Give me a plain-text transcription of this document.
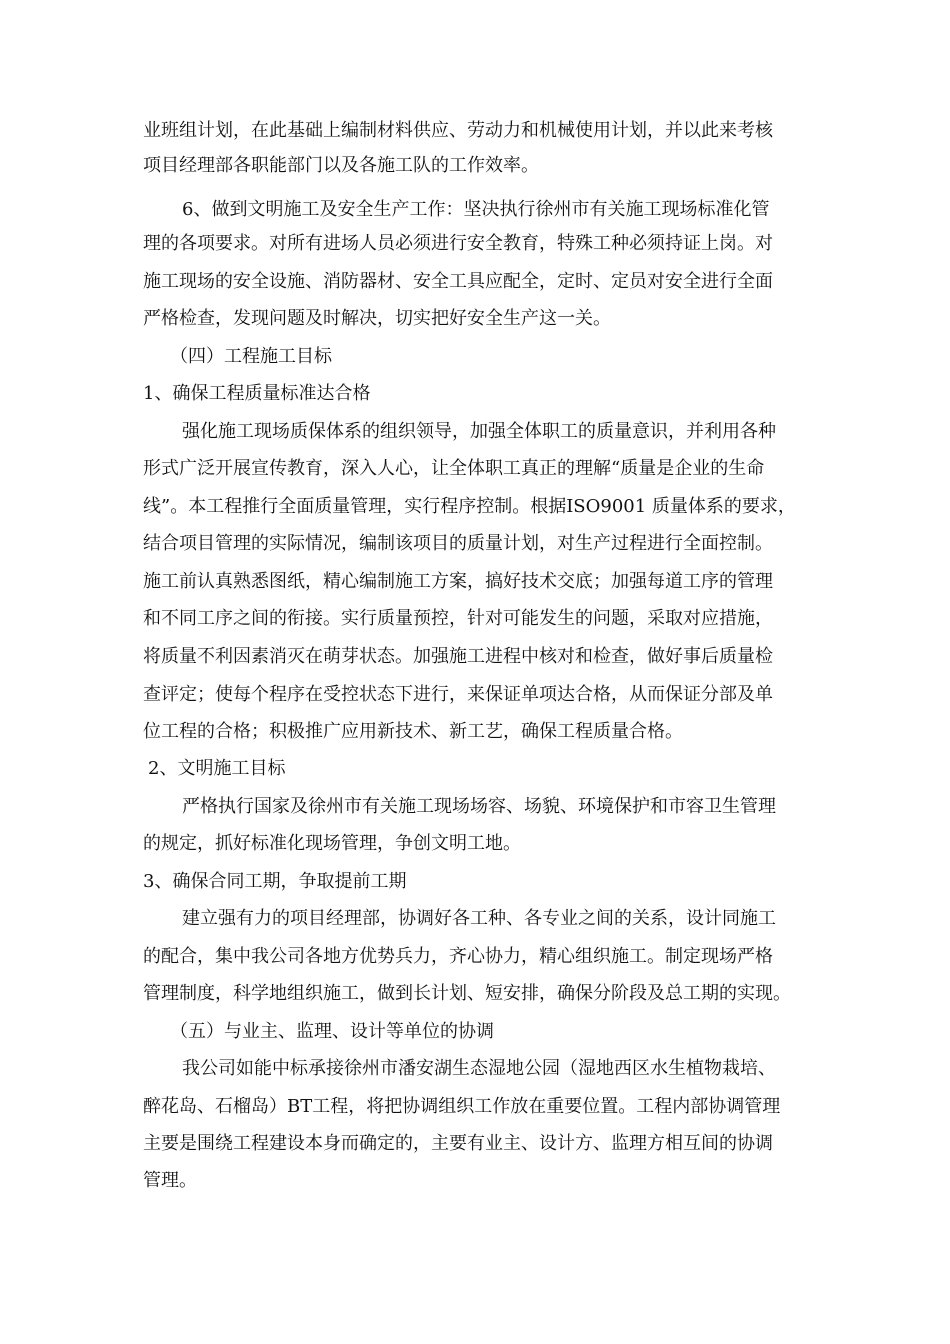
业班组计划，在此基础上编制材料供应、劳动力和机械使用计划，并以此来考核

项目经理部各职能部门以及各施工队的工作效率。

6、做到文明施工及安全生产工作：坚决执行徐州市有关施工现场标准化管

理的各项要求。对所有进场人员必须进行安全教育，特殊工种必须持证上岗。对

施工现场的安全设施、消防器材、安全工具应配全，定时、定员对安全进行全面

严格检查，发现问题及时解决，切实把好安全生产这一关。

（四）工程施工目标

1、确保工程质量标准达合格

强化施工现场质保体系的组织领导，加强全体职工的质量意识，并利用各种

形式广泛开展宣传教育，深入人心，让全体职工真正的理解“质量是企业的生命

线”。本工程推行全面质量管理，实行程序控制。根据ISO9001 质量体系的要求，

结合项目管理的实际情况，编制该项目的质量计划，对生产过程进行全面控制。

施工前认真熟悉图纸，精心编制施工方案，搞好技术交底；加强每道工序的管理

和不同工序之间的衔接。实行质量预控，针对可能发生的问题，采取对应措施，

将质量不利因素消灭在萌芽状态。加强施工进程中核对和检查，做好事后质量检

查评定；使每个程序在受控状态下进行，来保证单项达合格，从而保证分部及单

位工程的合格；积极推广应用新技术、新工艺，确保工程质量合格。

2、文明施工目标

严格执行国家及徐州市有关施工现场场容、场貌、环境保护和市容卫生管理

的规定，抓好标准化现场管理，争创文明工地。

3、确保合同工期，争取提前工期

建立强有力的项目经理部，协调好各工种、各专业之间的关系，设计同施工

的配合，集中我公司各地方优势兵力，齐心协力，精心组织施工。制定现场严格

管理制度，科学地组织施工，做到长计划、短安排，确保分阶段及总工期的实现。

（五）与业主、监理、设计等单位的协调

我公司如能中标承接徐州市潘安湖生态湿地公园（湿地西区水生植物栽培、

醉花岛、石榴岛）BT工程，将把协调组织工作放在重要位置。工程内部协调管理

主要是围绕工程建设本身而确定的，主要有业主、设计方、监理方相互间的协调

管理。
